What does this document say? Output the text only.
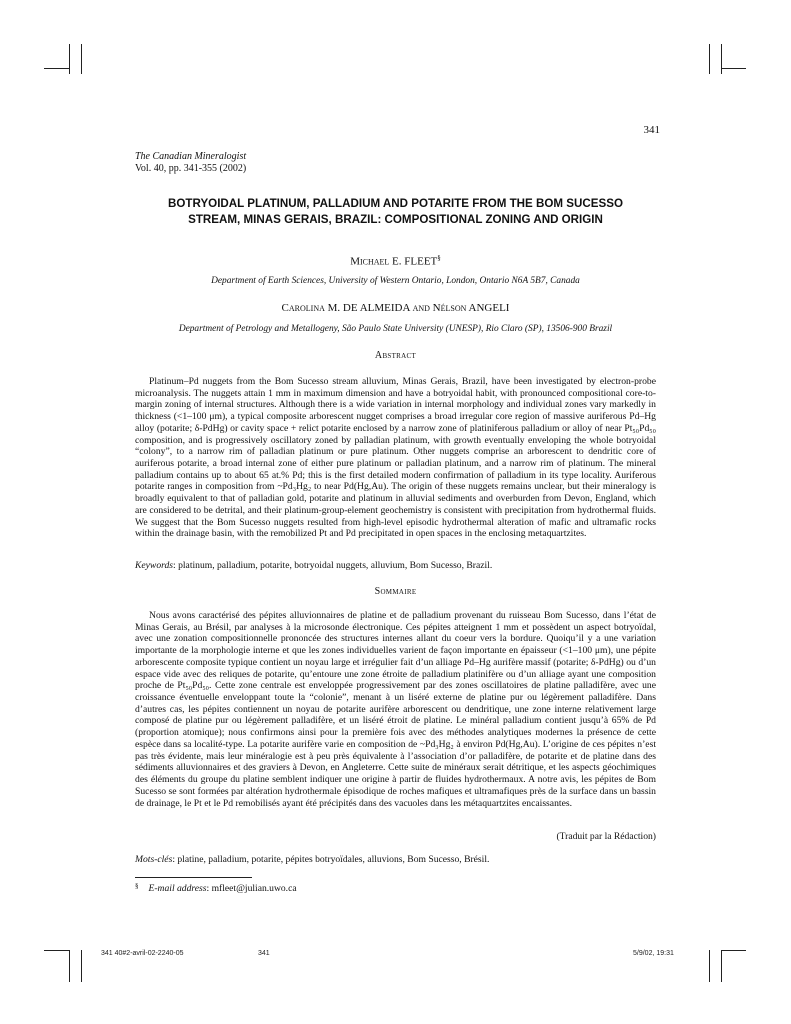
341
The Canadian Mineralogist
Vol. 40, pp. 341-355 (2002)
BOTRYOIDAL PLATINUM, PALLADIUM AND POTARITE FROM THE BOM SUCESSO
STREAM, MINAS GERAIS, BRAZIL: COMPOSITIONAL ZONING AND ORIGIN
Michael E. FLEET§
Department of Earth Sciences, University of Western Ontario, London, Ontario N6A 5B7, Canada
Carolina M. DE ALMEIDA and Nélson ANGELI
Department of Petrology and Metallogeny, São Paulo State University (UNESP), Rio Claro (SP), 13506-900 Brazil
Abstract
Platinum–Pd nuggets from the Bom Sucesso stream alluvium, Minas Gerais, Brazil, have been investigated by electron-probe microanalysis. The nuggets attain 1 mm in maximum dimension and have a botryoidal habit, with pronounced compositional core-to-margin zoning of internal structures. Although there is a wide variation in internal morphology and individual zones vary markedly in thickness (<1–100 μm), a typical composite arborescent nugget comprises a broad irregular core region of massive auriferous Pd–Hg alloy (potarite; δ-PdHg) or cavity space + relict potarite enclosed by a narrow zone of platiniferous palladium or alloy of near Pt₅₀Pd₅₀ composition, and is progressively oscillatory zoned by palladian platinum, with growth eventually enveloping the whole botryoidal “colony”, to a narrow rim of palladian platinum or pure platinum. Other nuggets comprise an arborescent to dendritic core of auriferous potarite, a broad internal zone of either pure platinum or palladian platinum, and a narrow rim of platinum. The mineral palladium contains up to about 65 at.% Pd; this is the first detailed modern confirmation of palladium in its type locality. Auriferous potarite ranges in composition from ~Pd₃Hg₂ to near Pd(Hg,Au). The origin of these nuggets remains unclear, but their mineralogy is broadly equivalent to that of palladian gold, potarite and platinum in alluvial sediments and overburden from Devon, England, which are considered to be detrital, and their platinum-group-element geochemistry is consistent with precipitation from hydrothermal fluids. We suggest that the Bom Sucesso nuggets resulted from high-level episodic hydrothermal alteration of mafic and ultramafic rocks within the drainage basin, with the remobilized Pt and Pd precipitated in open spaces in the enclosing metaquartzites.
Keywords: platinum, palladium, potarite, botryoidal nuggets, alluvium, Bom Sucesso, Brazil.
Sommaire
Nous avons caractérisé des pépites alluvionnaires de platine et de palladium provenant du ruisseau Bom Sucesso, dans l’état de Minas Gerais, au Brésil, par analyses à la microsonde électronique. Ces pépites atteignent 1 mm et possèdent un aspect botryoïdal, avec une zonation compositionnelle prononcée des structures internes allant du coeur vers la bordure. Quoiqu’il y a une variation importante de la morphologie interne et que les zones individuelles varient de façon importante en épaisseur (<1–100 μm), une pépite arborescente composite typique contient un noyau large et irrégulier fait d’un alliage Pd–Hg aurifère massif (potarite; δ-PdHg) ou d’un espace vide avec des reliques de potarite, qu’entoure une zone étroite de palladium platinifère ou d’un alliage ayant une composition proche de Pt₅₀Pd₅₀. Cette zone centrale est enveloppée progressivement par des zones oscillatoires de platine palladifère, avec une croissance éventuelle enveloppant toute la “colonie”, menant à un liséré externe de platine pur ou légèrement palladifère. Dans d’autres cas, les pépites contiennent un noyau de potarite aurifère arborescent ou dendritique, une zone interne relativement large composé de platine pur ou légèrement palladifère, et un liséré étroit de platine. Le minéral palladium contient jusqu’à 65% de Pd (proportion atomique); nous confirmons ainsi pour la première fois avec des méthodes analytiques modernes la présence de cette espèce dans sa localité-type. La potarite aurifère varie en composition de ~Pd₃Hg₂ à environ Pd(Hg,Au). L’origine de ces pépites n’est pas très évidente, mais leur minéralogie est à peu près équivalente à l’association d’or palladifère, de potarite et de platine dans des sédiments alluvionnaires et des graviers à Devon, en Angleterre. Cette suite de minéraux serait détritique, et les aspects géochimiques des éléments du groupe du platine semblent indiquer une origine à partir de fluides hydrothermaux. A notre avis, les pépites de Bom Sucesso se sont formées par altération hydrothermale épisodique de roches mafiques et ultramafiques près de la surface dans un bassin de drainage, le Pt et le Pd remobilisés ayant été précipités dans des vacuoles dans les métaquartzites encaissantes.
(Traduit par la Rédaction)
Mots-clés: platine, palladium, potarite, pépites botryoïdales, alluvions, Bom Sucesso, Brésil.
§ E-mail address: mfleet@julian.uwo.ca
341 40#2-avril-02-2240-05	341	5/9/02, 19:31
